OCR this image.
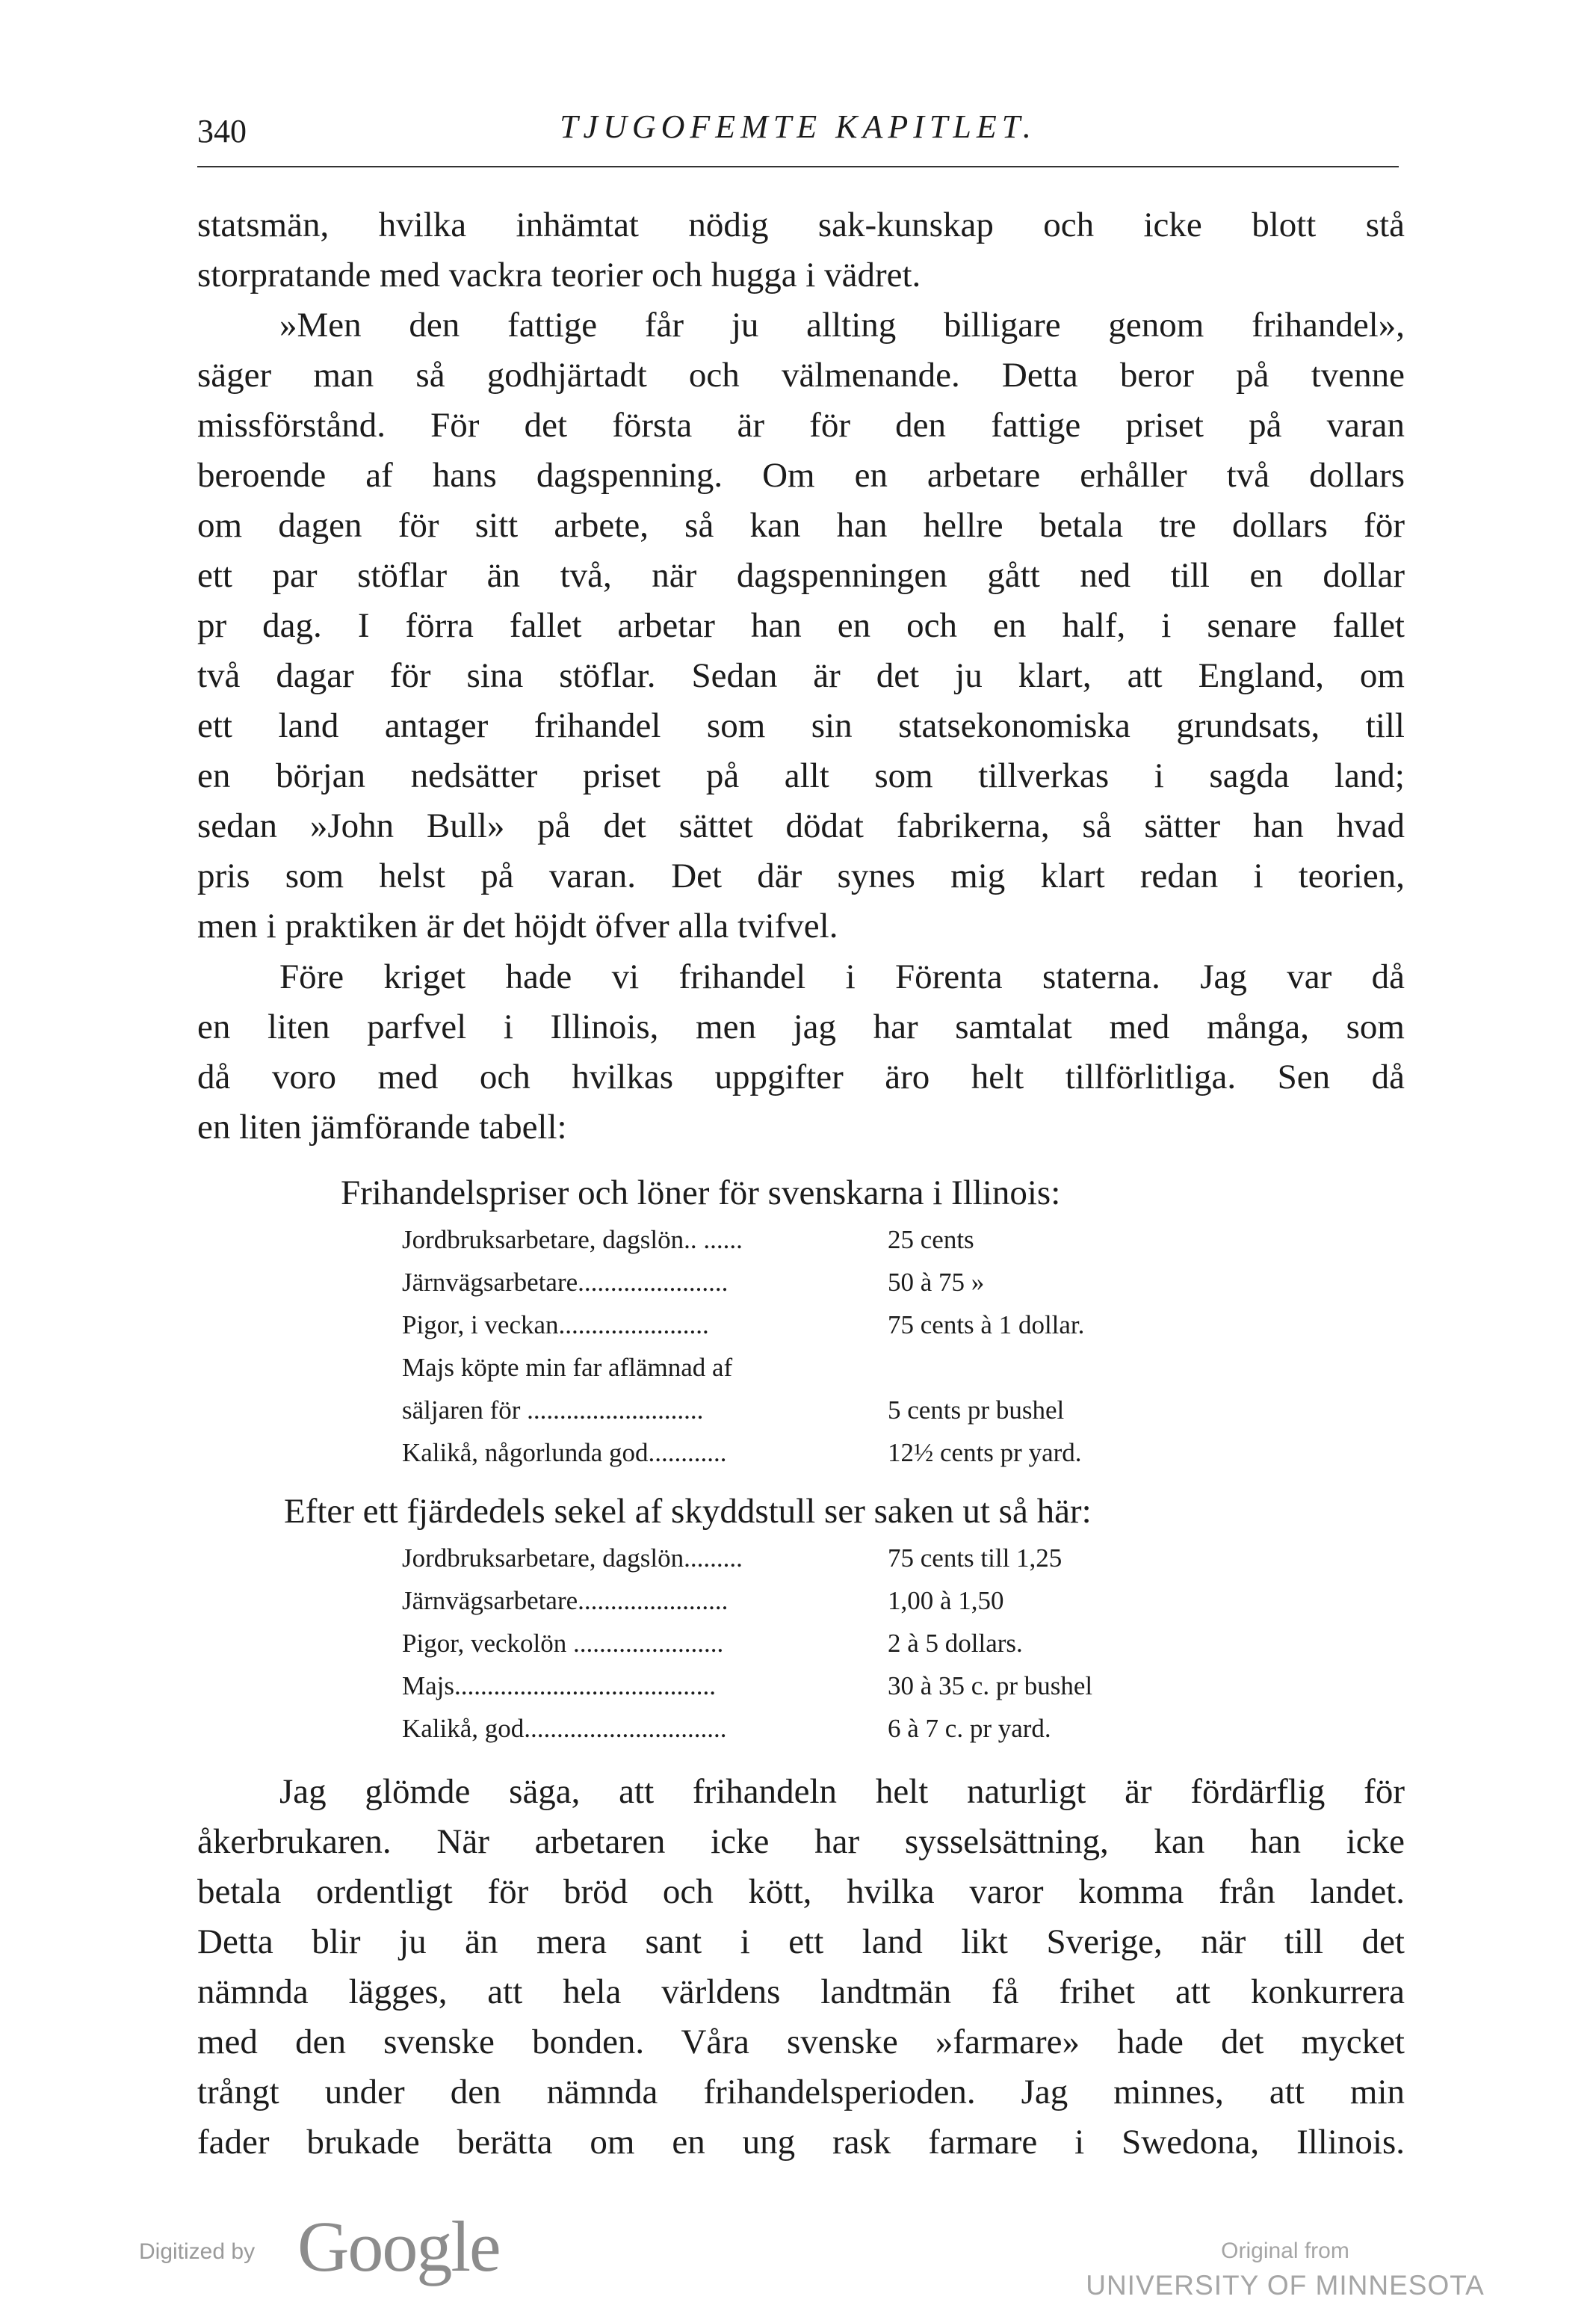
340	TJUGOFEMTE KAPITLET.
statsmän, hvilka inhämtat nödig sak-kunskap och icke blott stå
storpratande med vackra teorier och hugga i vädret.
»Men den fattige får ju allting billigare genom frihandel»,
säger man så godhjärtadt och välmenande. Detta beror på tvenne
missförstånd. För det första är för den fattige priset på varan
beroende af hans dagspenning. Om en arbetare erhåller två dollars
om dagen för sitt arbete, så kan han hellre betala tre dollars för
ett par stöflar än två, när dagspenningen gått ned till en dollar
pr dag. I förra fallet arbetar han en och en half, i senare fallet
två dagar för sina stöflar. Sedan är det ju klart, att England, om
ett land antager frihandel som sin statsekonomiska grundsats, till
en början nedsätter priset på allt som tillverkas i sagda land;
sedan »John Bull» på det sättet dödat fabrikerna, så sätter han hvad
pris som helst på varan. Det där synes mig klart redan i teorien,
men i praktiken är det höjdt öfver alla tvifvel.
Före kriget hade vi frihandel i Förenta staterna. Jag var då
en liten parfvel i Illinois, men jag har samtalat med många, som
då voro med och hvilkas uppgifter äro helt tillförlitliga. Sen då
en liten jämförande tabell:
Frihandelspriser och löner för svenskarna i Illinois:
Jordbruksarbetare, dagslön.. ......	25 cents
Järnvägsarbetare.......................	50 à 75 »
Pigor, i veckan.......................	75 cents à 1 dollar.
Majs köpte min far aflämnad af
säljaren för ...........................	5 cents pr bushel
Kalikå, någorlunda god............	12½ cents pr yard.
Efter ett fjärdedels sekel af skyddstull ser saken ut så här:
Jordbruksarbetare, dagslön.........	75 cents till 1,25
Järnvägsarbetare.......................	1,00 à 1,50
Pigor, veckolön .......................	2 à 5 dollars.
Majs........................................	30 à 35 c. pr bushel
Kalikå, god...............................	6 à 7 c. pr yard.
Jag glömde säga, att frihandeln helt naturligt är fördärflig för
åkerbrukaren. När arbetaren icke har sysselsättning, kan han icke
betala ordentligt för bröd och kött, hvilka varor komma från landet.
Detta blir ju än mera sant i ett land likt Sverige, när till det
nämnda lägges, att hela världens landtmän få frihet att konkurrera
med den svenske bonden. Våra svenske »farmare» hade det mycket
trångt under den nämnda frihandelsperioden. Jag minnes, att min
fader brukade berätta om en ung rask farmare i Swedona, Illinois.
Digitized by Google	Original from
UNIVERSITY OF MINNESOTA
